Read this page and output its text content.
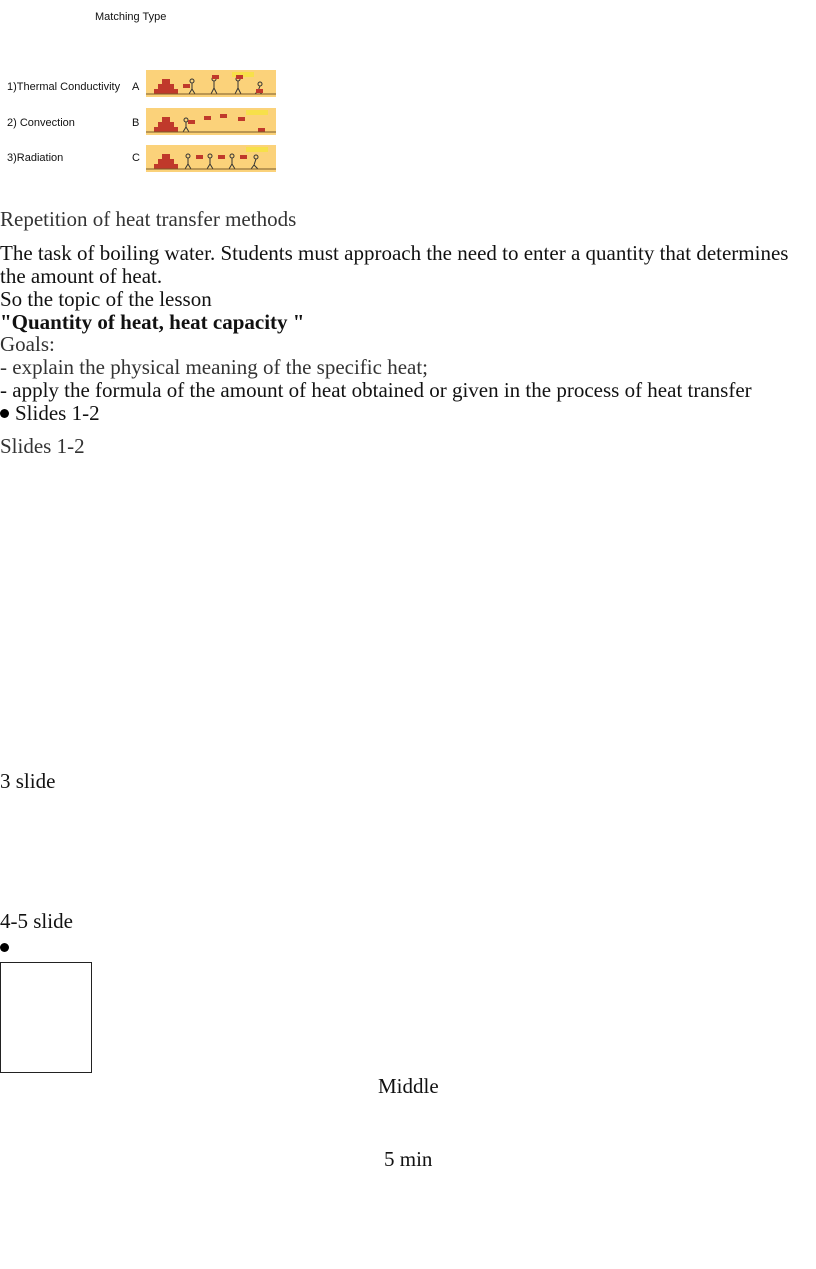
Matching Type
1)Thermal Conductivity A
2) Convection	B
3)Radiation	C
Repetition of heat transfer methods
The task of boiling water. Students must approach the need to enter a quantity that determines
the amount of heat.
So the topic of the lesson
"Quantity of heat, heat capacity "
Goals:
- explain the physical meaning of the specific heat;
- apply the formula of the amount of heat obtained or given in the process of heat transfer
Slides 1-2
Slides 1-2
3 slide
4-5 slide
Middle
5 min
